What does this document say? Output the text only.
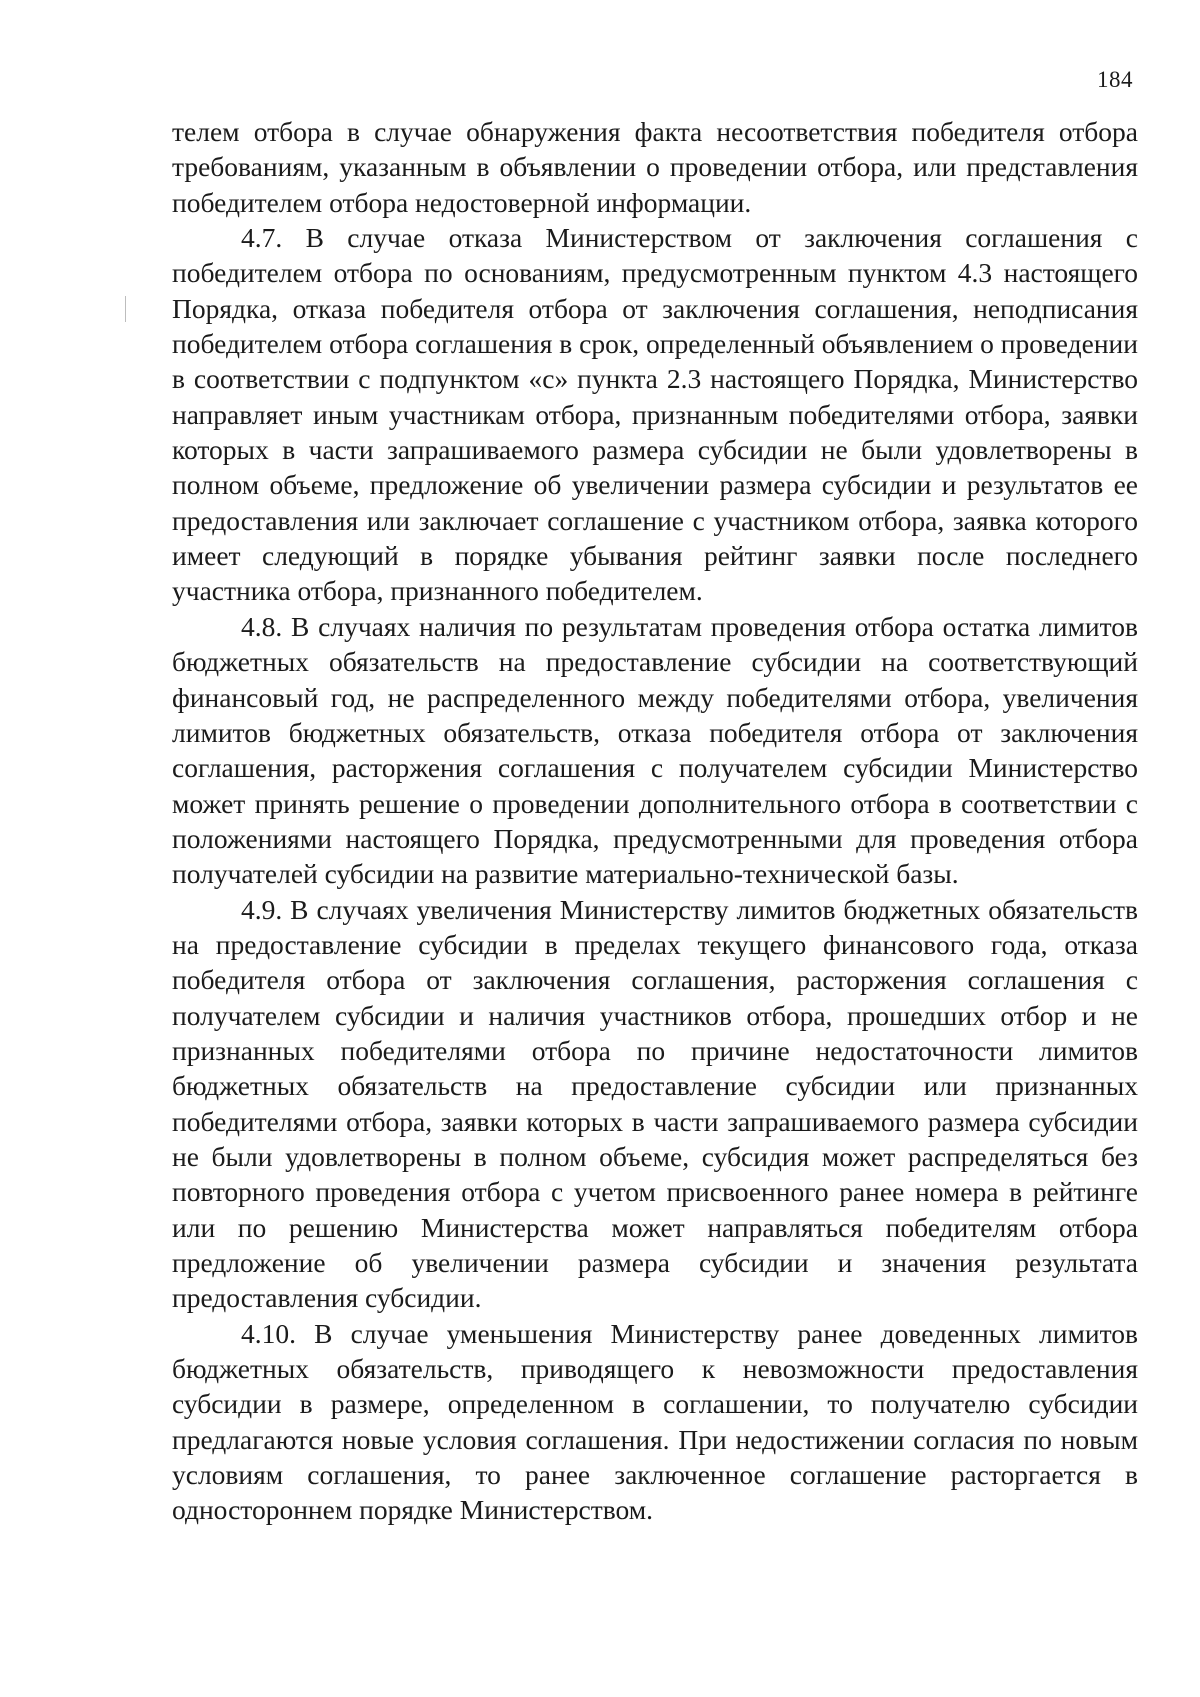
184

телем отбора в случае обнаружения факта несоответствия победителя отбора требованиям, указанным в объявлении о проведении отбора, или представления победителем отбора недостоверной информации.

4.7. В случае отказа Министерством от заключения соглашения с победителем отбора по основаниям, предусмотренным пунктом 4.3 настоящего Порядка, отказа победителя отбора от заключения соглашения, неподписания победителем отбора соглашения в срок, определенный объявлением о проведении в соответствии с подпунктом «с» пункта 2.3 настоящего Порядка, Министерство направляет иным участникам отбора, признанным победителями отбора, заявки которых в части запрашиваемого размера субсидии не были удовлетворены в полном объеме, предложение об увеличении размера субсидии и результатов ее предоставления или заключает соглашение с участником отбора, заявка которого имеет следующий в порядке убывания рейтинг заявки после последнего участника отбора, признанного победителем.

4.8. В случаях наличия по результатам проведения отбора остатка лимитов бюджетных обязательств на предоставление субсидии на соответствующий финансовый год, не распределенного между победителями отбора, увеличения лимитов бюджетных обязательств, отказа победителя отбора от заключения соглашения, расторжения соглашения с получателем субсидии Министерство может принять решение о проведении дополнительного отбора в соответствии с положениями настоящего Порядка, предусмотренными для проведения отбора получателей субсидии на развитие материально-технической базы.

4.9. В случаях увеличения Министерству лимитов бюджетных обязательств на предоставление субсидии в пределах текущего финансового года, отказа победителя отбора от заключения соглашения, расторжения соглашения с получателем субсидии и наличия участников отбора, прошедших отбор и не признанных победителями отбора по причине недостаточности лимитов бюджетных обязательств на предоставление субсидии или признанных победителями отбора, заявки которых в части запрашиваемого размера субсидии не были удовлетворены в полном объеме, субсидия может распределяться без повторного проведения отбора с учетом присвоенного ранее номера в рейтинге или по решению Министерства может направляться победителям отбора предложение об увеличении размера субсидии и значения результата предоставления субсидии.

4.10. В случае уменьшения Министерству ранее доведенных лимитов бюджетных обязательств, приводящего к невозможности предоставления субсидии в размере, определенном в соглашении, то получателю субсидии предлагаются новые условия соглашения. При недостижении согласия по новым условиям соглашения, то ранее заключенное соглашение расторгается в одностороннем порядке Министерством.
